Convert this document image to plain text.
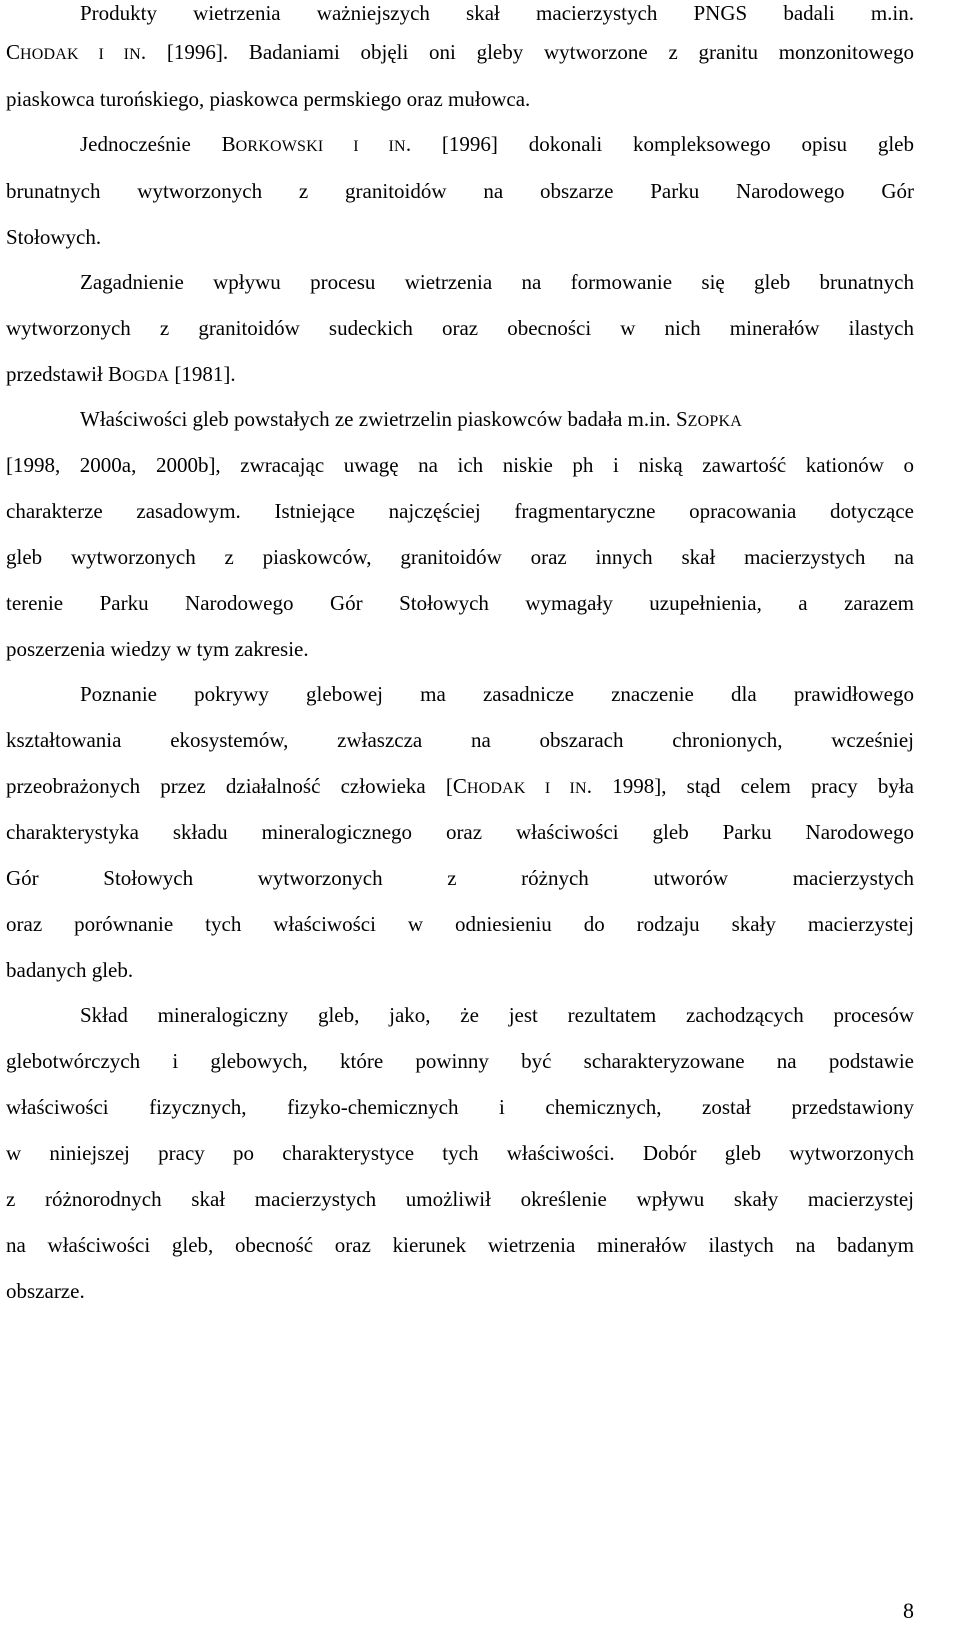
Produkty wietrzenia ważniejszych skał macierzystych PNGS badali m.in.
CHODAK I IN. [1996]. Badaniami objęli oni gleby wytworzone z granitu monzonitowego
piaskowca turońskiego, piaskowca permskiego oraz mułowca.
Jednocześnie BORKOWSKI I IN. [1996] dokonali kompleksowego opisu gleb
brunatnych wytworzonych z granitoidów na obszarze Parku Narodowego Gór
Stołowych.
Zagadnienie wpływu procesu wietrzenia na formowanie się gleb brunatnych
wytworzonych z granitoidów sudeckich oraz obecności w nich minerałów ilastych
przedstawił BOGDA [1981].
Właściwości gleb powstałych ze zwietrzelin piaskowców badała m.in. SZOPKA
[1998, 2000a, 2000b], zwracając uwagę na ich niskie ph i niską zawartość kationów o
charakterze zasadowym. Istniejące najczęściej fragmentaryczne opracowania dotyczące
gleb wytworzonych z piaskowców, granitoidów oraz innych skał macierzystych na
terenie Parku Narodowego Gór Stołowych wymagały uzupełnienia, a zarazem
poszerzenia wiedzy w tym zakresie.
Poznanie pokrywy glebowej ma zasadnicze znaczenie dla prawidłowego
kształtowania ekosystemów, zwłaszcza na obszarach chronionych, wcześniej
przeobrażonych przez działalność człowieka [CHODAK I IN. 1998], stąd celem pracy była
charakterystyka składu mineralogicznego oraz właściwości gleb Parku Narodowego
Gór Stołowych wytworzonych z różnych utworów macierzystych
oraz porównanie tych właściwości w odniesieniu do rodzaju skały macierzystej
badanych gleb.
Skład mineralogiczny gleb, jako, że jest rezultatem zachodzących procesów
glebotwórczych i glebowych, które powinny być scharakteryzowane na podstawie
właściwości fizycznych, fizyko-chemicznych i chemicznych, został przedstawiony
w niniejszej pracy po charakterystyce tych właściwości. Dobór gleb wytworzonych
z różnorodnych skał macierzystych umożliwił określenie wpływu skały macierzystej
na właściwości gleb, obecność oraz kierunek wietrzenia minerałów ilastych na badanym
obszarze.
8
